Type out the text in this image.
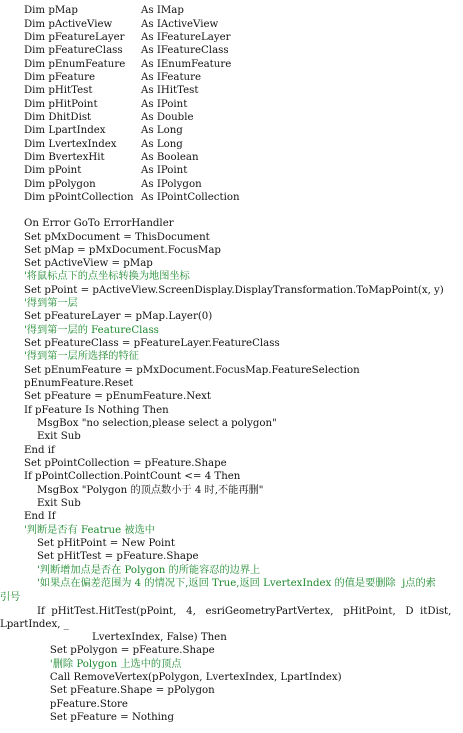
Dim pMap	As IMap
Dim pActiveView	As IActiveView
Dim pFeatureLayer As IFeatureLayer
Dim pFeatureClass As IFeatureClass
Dim pEnumFeature As IEnumFeature
Dim pFeature	As IFeature
Dim pHitTest	As IHitTest
Dim pHitPoint	As IPoint
Dim DhitDist	As Double
Dim LpartIndex	As Long
Dim LvertexIndex As Long
Dim BvertexHit	As Boolean
Dim pPoint	As IPoint
Dim pPolygon	As IPolygon
Dim pPointCollection As IPointCollection
On Error GoTo ErrorHandler
Set pMxDocument = ThisDocument
Set pMap = pMxDocument.FocusMap
Set pActiveView = pMap
'将鼠标点下的点坐标转换为地图坐标
Set pPoint = pActiveView.ScreenDisplay.DisplayTransformation.ToMapPoint(x, y)
'得到第一层
Set pFeatureLayer = pMap.Layer(0)
'得到第一层的 FeatureClass
Set pFeatureClass = pFeatureLayer.FeatureClass
'得到第一层所选择的特征
Set pEnumFeature = pMxDocument.FocusMap.FeatureSelection
pEnumFeature.Reset
Set pFeature = pEnumFeature.Next
If pFeature Is Nothing Then
MsgBox "no selection,please select a polygon"
Exit Sub
End if
Set pPointCollection = pFeature.Shape
If pPointCollection.PointCount <= 4 Then
MsgBox "Polygon 的顶点数小于 4 时,不能再删"
Exit Sub
End If
'判断是否有 Featrue 被选中
Set pHitPoint = New Point
Set pHitTest = pFeature.Shape
'判断增加点是否在 Polygon 的所能容忍的边界上
'如果点在偏差范围为 4 的情况下,返回 True,返回 LvertexIndex 的值是要删除  j点的索
引号
If  pHitTest.HitTest(pPoint,   4,   esriGeometryPartVertex,   pHitPoint,   D  itDist,
LpartIndex, _
LvertexIndex, False) Then
Set pPolygon = pFeature.Shape
'删除 Polygon 上选中的顶点
Call RemoveVertex(pPolygon, LvertexIndex, LpartIndex)
Set pFeature.Shape = pPolygon
pFeature.Store
Set pFeature = Nothing
